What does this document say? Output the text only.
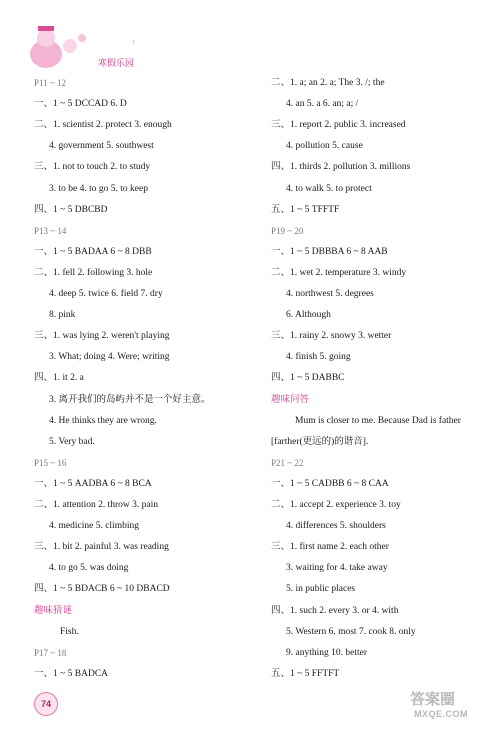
新课标
寒假乐园
P11 ~ 12
一、1 ~ 5 DCCAD 6. D
二、1. scientist 2. protect 3. enough
4. government 5. southwest
三、1. not to touch 2. to study
3. to be 4. to go 5. to keep
四、1 ~ 5 DBCBD
P13 ~ 14
一、1 ~ 5 BADAA 6 ~ 8 DBB
二、1. fell 2. following 3. hole
4. deep 5. twice 6. field 7. dry
8. pink
三、1. was lying 2. weren't playing
3. What; doing 4. Were; writing
四、1. it 2. a
3. 离开我们的岛屿并不是一个好主意。
4. He thinks they are wrong.
5. Very bad.
P15 ~ 16
一、1 ~ 5 AADBA 6 ~ 8 BCA
二、1. attention 2. throw 3. pain
4. medicine 5. climbing
三、1. bit 2. painful 3. was reading
4. to go 5. was doing
四、1 ~ 5 BDACB 6 ~ 10 DBACD
趣味猜谜
Fish.
P17 ~ 18
一、1 ~ 5 BADCA
二、1. a; an 2. a; The 3. /; the
4. an 5. a 6. an; a; /
三、1. report 2. public 3. increased
4. pollution 5. cause
四、1. thirds 2. pollution 3. millions
4. to walk 5. to protect
五、1 ~ 5 TFFTF
P19 ~ 20
一、1 ~ 5 DBBBA 6 ~ 8 AAB
二、1. wet 2. temperature 3. windy
4. northwest 5. degrees
6. Although
三、1. rainy 2. snowy 3. wetter
4. finish 5. going
四、1 ~ 5 DABBC
趣味问答
Mum is closer to me. Because Dad is father
[farther(更远的)的谐音].
P21 ~ 22
一、1 ~ 5 CADBB 6 ~ 8 CAA
二、1. accept 2. experience 3. toy
4. differences 5. shoulders
三、1. first name 2. each other
3. waiting for 4. take away
5. in public places
四、1. such 2. every 3. or 4. with
5. Western 6. most 7. cook 8. only
9. anything 10. better
五、1 ~ 5 FFTFT
74	答案圈
MXQE.COM
